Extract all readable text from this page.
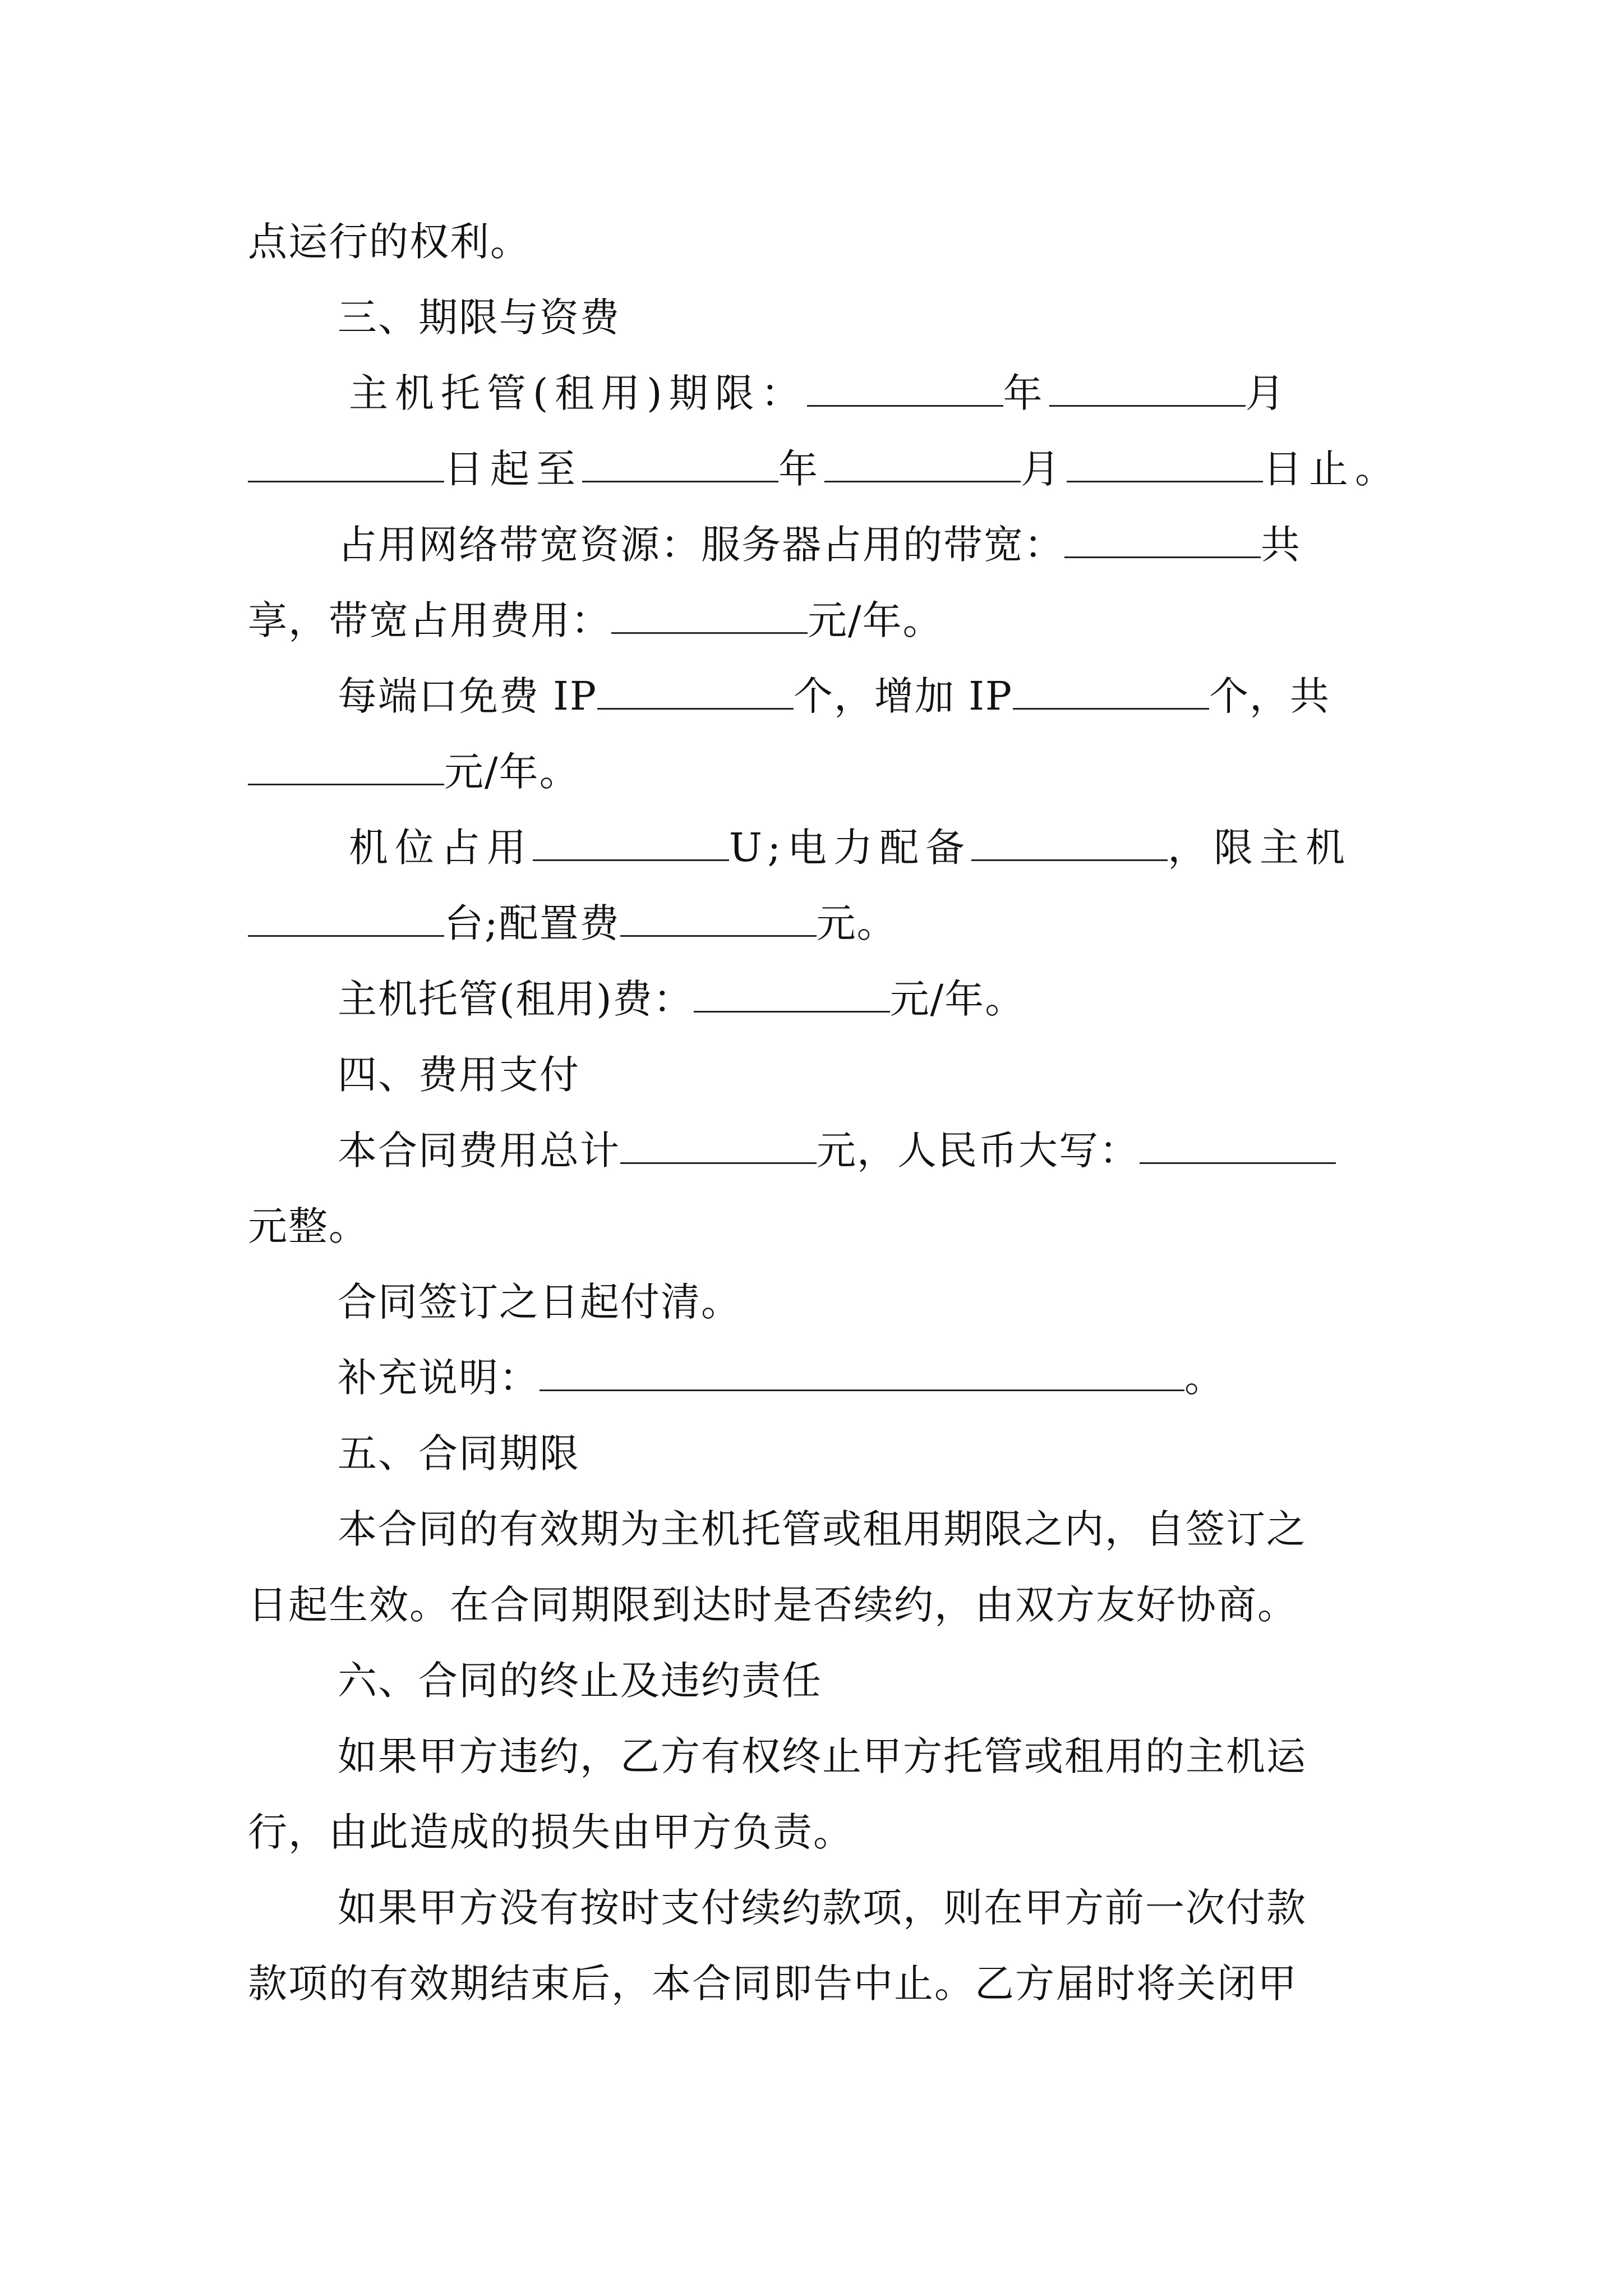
点运行的权利。

三、期限与资费

主机托管(租用)期限：	年	月

日起至	年	月	日止。

占用网络带宽资源：服务器占用的带宽：	共

享，带宽占用费用：	元/年。

每端口免费 IP	个，增加 IP	个，共

元/年。

机位占用	U;电力配备	，限主机

台;配置费	元。

主机托管(租用)费：	元/年。

四、费用支付

本合同费用总计	元，人民币大写：

元整。

合同签订之日起付清。

补充说明：	。

五、合同期限

本合同的有效期为主机托管或租用期限之内，自签订之

日起生效。在合同期限到达时是否续约，由双方友好协商。

六、合同的终止及违约责任

如果甲方违约，乙方有权终止甲方托管或租用的主机运

行，由此造成的损失由甲方负责。

如果甲方没有按时支付续约款项，则在甲方前一次付款

款项的有效期结束后，本合同即告中止。乙方届时将关闭甲
